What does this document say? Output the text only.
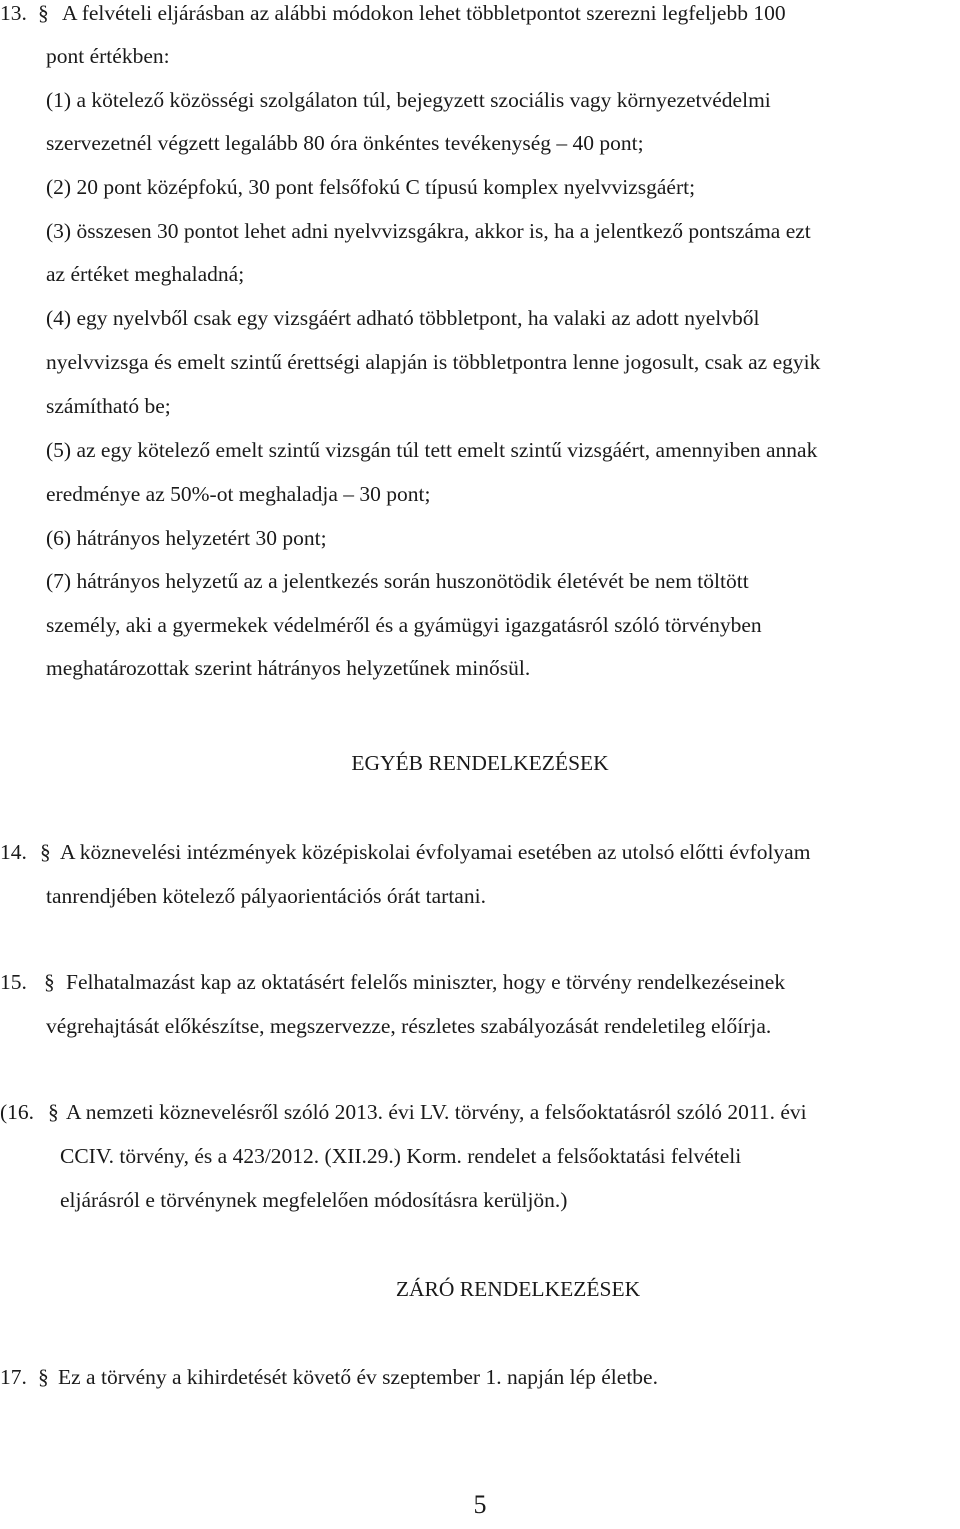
13. § A felvételi eljárásban az alábbi módokon lehet többletpontot szerezni legfeljebb 100
pont értékben:
(1) a kötelező közösségi szolgálaton túl, bejegyzett szociális vagy környezetvédelmi
szervezetnél végzett legalább 80 óra önkéntes tevékenység – 40 pont;
(2) 20 pont középfokú, 30 pont felsőfokú C típusú komplex nyelvvizsgáért;
(3) összesen 30 pontot lehet adni nyelvvizsgákra, akkor is, ha a jelentkező pontszáma ezt
az értéket meghaladná;
(4) egy nyelvből csak egy vizsgáért adható többletpont, ha valaki az adott nyelvből
nyelvvizsga és emelt szintű érettségi alapján is többletpontra lenne jogosult, csak az egyik
számítható be;
(5) az egy kötelező emelt szintű vizsgán túl tett emelt szintű vizsgáért, amennyiben annak
eredménye az 50%-ot meghaladja – 30 pont;
(6) hátrányos helyzetért 30 pont;
(7) hátrányos helyzetű az a jelentkezés során huszonötödik életévét be nem töltött
személy, aki a gyermekek védelméről és a gyámügyi igazgatásról szóló törvényben
meghatározottak szerint hátrányos helyzetűnek minősül.
EGYÉB RENDELKEZÉSEK
14. § A köznevelési intézmények középiskolai évfolyamai esetében az utolsó előtti évfolyam
tanrendjében kötelező pályaorientációs órát tartani.
15. § Felhatalmazást kap az oktatásért felelős miniszter, hogy e törvény rendelkezéseinek
végrehajtását előkészítse, megszervezze, részletes szabályozását rendeletileg előírja.
(16. § A nemzeti köznevelésről szóló 2013. évi LV. törvény, a felsőoktatásról szóló 2011. évi
CCIV. törvény, és a 423/2012. (XII.29.) Korm. rendelet a felsőoktatási felvételi
eljárásról e törvénynek megfelelően módosításra kerüljön.)
ZÁRÓ RENDELKEZÉSEK
17. § Ez a törvény a kihirdetését követő év szeptember 1. napján lép életbe.
5
